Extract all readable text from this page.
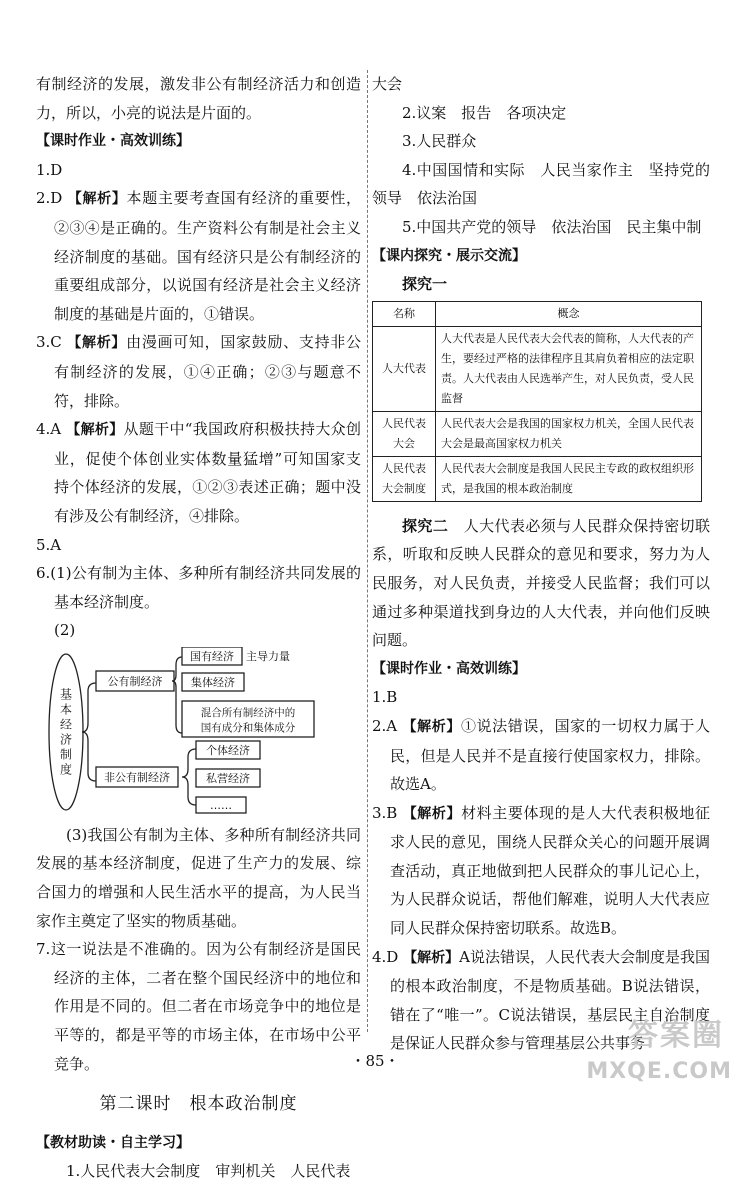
有制经济的发展，激发非公有制经济活力和创造力，所以，小亮的说法是片面的。

【课时作业・高效训练】

1.D

2.D 【解析】本题主要考查国有经济的重要性，②③④是正确的。生产资料公有制是社会主义经济制度的基础。国有经济只是公有制经济的重要组成部分，以说国有经济是社会主义经济制度的基础是片面的，①错误。

3.C 【解析】由漫画可知，国家鼓励、支持非公有制经济的发展，①④正确；②③与题意不符，排除。

4.A 【解析】从题干中“我国政府积极扶持大众创业，促使个体创业实体数量猛增”可知国家支持个体经济的发展，①②③表述正确；题中没有涉及公有制经济，④排除。

5.A

6.(1)公有制为主体、多种所有制经济共同发展的基本经济制度。

(2)

公有制经济
国有经济 主导力量
集体经济
非公有制经济
个体经济
私营经济
……
基
本
经
济
制
度
混合所有制经济中的
国有成分和集体成分

(3)我国公有制为主体、多种所有制经济共同发展的基本经济制度，促进了生产力的发展、综合国力的增强和人民生活水平的提高，为人民当家作主奠定了坚实的物质基础。

7.这一说法是不准确的。因为公有制经济是国民经济的主体，二者在整个国民经济中的地位和作用是不同的。但二者在市场竞争中的地位是平等的，都是平等的市场主体，在市场中公平竞争。

第二课时　根本政治制度

【教材助读・自主学习】

1.人民代表大会制度　审判机关　人民代表

大会

2.议案　报告　各项决定

3.人民群众

4.中国国情和实际　人民当家作主　坚持党的领导　依法治国

5.中国共产党的领导　依法治国　民主集中制

【课内探究・展示交流】

探究一

名称	概念
人大代表	人大代表是人民代表大会代表的简称，人大代表的产生，要经过严格的法律程序且其肩负着相应的法定职责。人大代表由人民选举产生，对人民负责，受人民监督
人民代表大会	人民代表大会是我国的国家权力机关，全国人民代表大会是最高国家权力机关
人民代表大会制度	人民代表大会制度是我国人民民主专政的政权组织形式，是我国的根本政治制度

探究二　 人大代表必须与人民群众保持密切联系，听取和反映人民群众的意见和要求，努力为人民服务，对人民负责，并接受人民监督；我们可以通过多种渠道找到身边的人大代表，并向他们反映问题。

【课时作业・高效训练】

1.B

2.A 【解析】①说法错误，国家的一切权力属于人民，但是人民并不是直接行使国家权力，排除。故选A。

3.B 【解析】材料主要体现的是人大代表积极地征求人民的意见，围绕人民群众关心的问题开展调查活动，真正地做到把人民群众的事儿记心上，为人民群众说话，帮他们解难，说明人大代表应同人民群众保持密切联系。故选B。

4.D 【解析】A说法错误，人民代表大会制度是我国的根本政治制度，不是物质基础。B说法错误，错在了“唯一”。C说法错误，基层民主自治制度是保证人民群众参与管理基层公共事务

・85・
答案圈
MXQE.COM
